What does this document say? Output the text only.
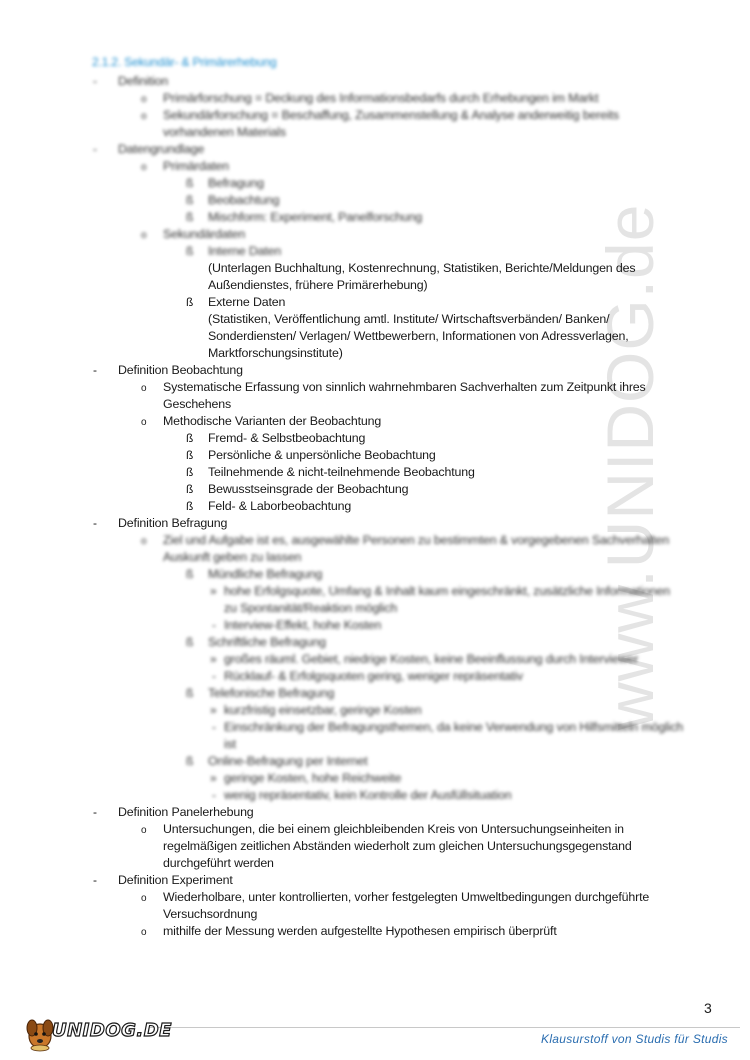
www.UNIDOG.de
2.1.2. Sekundär- & Primärerhebung
- Definition
o Primärforschung = Deckung des Informationsbedarfs durch Erhebungen im Markt
o Sekundärforschung = Beschaffung, Zusammenstellung & Analyse anderweitig bereits
vorhandenen Materials
- Datengrundlage
o Primärdaten
ß Befragung
ß Beobachtung
ß Mischform: Experiment, Panelforschung
o Sekundärdaten
ß Interne Daten
(Unterlagen Buchhaltung, Kostenrechnung, Statistiken, Berichte/Meldungen des
Außendienstes, frühere Primärerhebung)
ß Externe Daten
(Statistiken, Veröffentlichung amtl. Institute/ Wirtschaftsverbänden/ Banken/
Sonderdiensten/ Verlagen/ Wettbewerbern, Informationen von Adressverlagen,
Marktforschungsinstitute)
- Definition Beobachtung
o Systematische Erfassung von sinnlich wahrnehmbaren Sachverhalten zum Zeitpunkt ihres
Geschehens
o Methodische Varianten der Beobachtung
ß Fremd- & Selbstbeobachtung
ß Persönliche & unpersönliche Beobachtung
ß Teilnehmende & nicht-teilnehmende Beobachtung
ß Bewusstseinsgrade der Beobachtung
ß Feld- & Laborbeobachtung
- Definition Befragung
o Ziel und Aufgabe ist es, ausgewählte Personen zu bestimmten & vorgegebenen Sachverhalten
Auskunft geben zu lassen
ß Mündliche Befragung
» hohe Erfolgsquote, Umfang & Inhalt kaum eingeschränkt, zusätzliche Informationen
zu Spontanität/Reaktion möglich
- Interview-Effekt, hohe Kosten
ß Schriftliche Befragung
» großes räuml. Gebiet, niedrige Kosten, keine Beeinflussung durch Interviewer
- Rücklauf- & Erfolgsquoten gering, weniger repräsentativ
ß Telefonische Befragung
» kurzfristig einsetzbar, geringe Kosten
- Einschränkung der Befragungsthemen, da keine Verwendung von Hilfsmitteln möglich
ist
ß Online-Befragung per Internet
» geringe Kosten, hohe Reichweite
- wenig repräsentativ, kein Kontrolle der Ausfüllsituation
- Definition Panelerhebung
o Untersuchungen, die bei einem gleichbleibenden Kreis von Untersuchungseinheiten in
regelmäßigen zeitlichen Abständen wiederholt zum gleichen Untersuchungsgegenstand
durchgeführt werden
- Definition Experiment
o Wiederholbare, unter kontrollierten, vorher festgelegten Umweltbedingungen durchgeführte
Versuchsordnung
o mithilfe der Messung werden aufgestellte Hypothesen empirisch überprüft
3
UNIDOG.DE	Klausurstoff von Studis für Studis
